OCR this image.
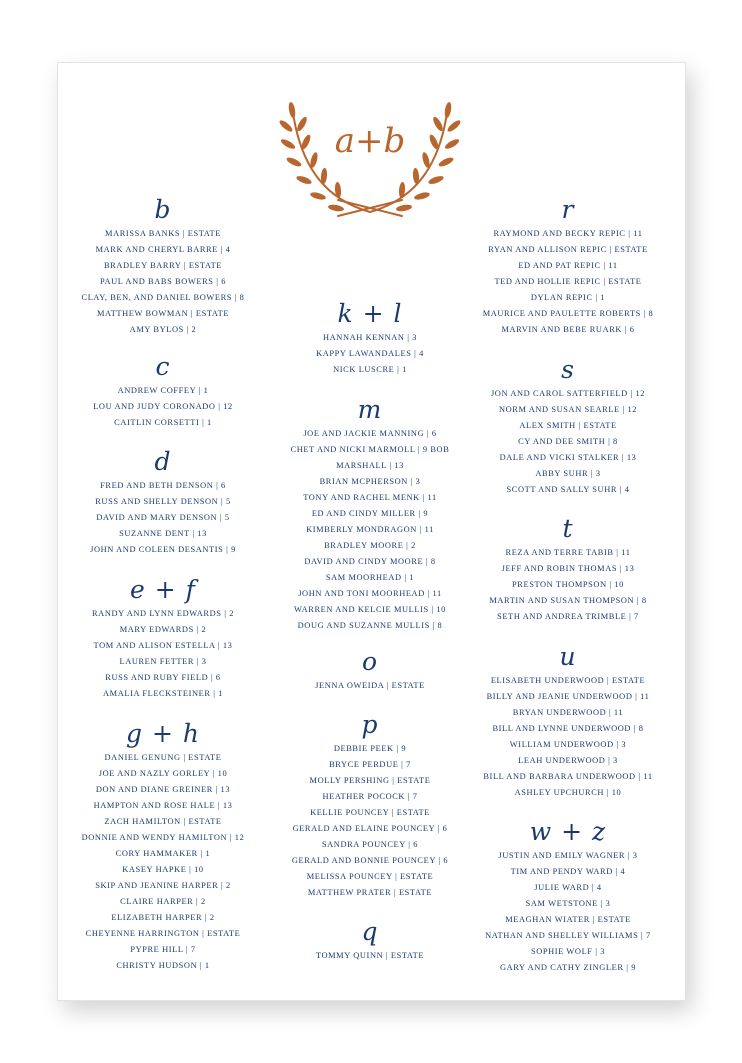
a+b
b
MARISSA BANKS | ESTATE
MARK AND CHERYL BARRE | 4
BRADLEY BARRY | ESTATE
PAUL AND BABS BOWERS | 6
CLAY, BEN, AND DANIEL BOWERS | 8
MATTHEW BOWMAN | ESTATE
AMY BYLOS | 2
c
ANDREW COFFEY | 1
LOU AND JUDY CORONADO | 12
CAITLIN CORSETTI | 1
d
FRED AND BETH DENSON | 6
RUSS AND SHELLY DENSON | 5
DAVID AND MARY DENSON | 5
SUZANNE DENT | 13
JOHN AND COLEEN DESANTIS | 9
e + f
RANDY AND LYNN EDWARDS | 2
MARY EDWARDS | 2
TOM AND ALISON ESTELLA | 13
LAUREN FETTER | 3
RUSS AND RUBY FIELD | 6
AMALIA FLECKSTEINER | 1
g + h
DANIEL GENUNG | ESTATE
JOE AND NAZLY GORLEY | 10
DON AND DIANE GREINER | 13
HAMPTON AND ROSE HALE | 13
ZACH HAMILTON | ESTATE
DONNIE AND WENDY HAMILTON | 12
CORY HAMMAKER | 1
KASEY HAPKE | 10
SKIP AND JEANINE HARPER | 2
CLAIRE HARPER | 2
ELIZABETH HARPER | 2
CHEYENNE HARRINGTON | ESTATE
PYPRE HILL | 7
CHRISTY HUDSON | 1
k + l
HANNAH KENNAN | 3
KAPPY LAWANDALES | 4
NICK LUSCRE | 1
m
JOE AND JACKIE MANNING | 6
CHET AND NICKI MARMOLL | 9 BOB
MARSHALL | 13
BRIAN MCPHERSON | 3
TONY AND RACHEL MENK | 11
ED AND CINDY MILLER | 9
KIMBERLY MONDRAGON | 11
BRADLEY MOORE | 2
DAVID AND CINDY MOORE | 8
SAM MOORHEAD | 1
JOHN AND TONI MOORHEAD | 11
WARREN AND KELCIE MULLIS | 10
DOUG AND SUZANNE MULLIS | 8
o
JENNA OWEIDA | ESTATE
p
DEBBIE PEEK | 9
BRYCE PERDUE | 7
MOLLY PERSHING | ESTATE
HEATHER POCOCK | 7
KELLIE POUNCEY | ESTATE
GERALD AND ELAINE POUNCEY | 6
SANDRA POUNCEY | 6
GERALD AND BONNIE POUNCEY | 6
MELISSA POUNCEY | ESTATE
MATTHEW PRATER | ESTATE
q
TOMMY QUINN | ESTATE
r
RAYMOND AND BECKY REPIC | 11
RYAN AND ALLISON REPIC | ESTATE
ED AND PAT REPIC | 11
TED AND HOLLIE REPIC | ESTATE
DYLAN REPIC | 1
MAURICE AND PAULETTE ROBERTS | 8
MARVIN AND BEBE RUARK | 6
s
JON AND CAROL SATTERFIELD | 12
NORM AND SUSAN SEARLE | 12
ALEX SMITH | ESTATE
CY AND DEE SMITH | 8
DALE AND VICKI STALKER | 13
ABBY SUHR | 3
SCOTT AND SALLY SUHR | 4
t
REZA AND TERRE TABIB | 11
JEFF AND ROBIN THOMAS | 13
PRESTON THOMPSON | 10
MARTIN AND SUSAN THOMPSON | 8
SETH AND ANDREA TRIMBLE | 7
u
ELISABETH UNDERWOOD | ESTATE
BILLY AND JEANIE UNDERWOOD | 11
BRYAN UNDERWOOD | 11
BILL AND LYNNE UNDERWOOD | 8
WILLIAM UNDERWOOD | 3
LEAH UNDERWOOD | 3
BILL AND BARBARA UNDERWOOD | 11
ASHLEY UPCHURCH | 10
w + z
JUSTIN AND EMILY WAGNER | 3
TIM AND PENDY WARD | 4
JULIE WARD | 4
SAM WETSTONE | 3
MEAGHAN WIATER | ESTATE
NATHAN AND SHELLEY WILLIAMS | 7
SOPHIE WOLF | 3
GARY AND CATHY ZINGLER | 9
